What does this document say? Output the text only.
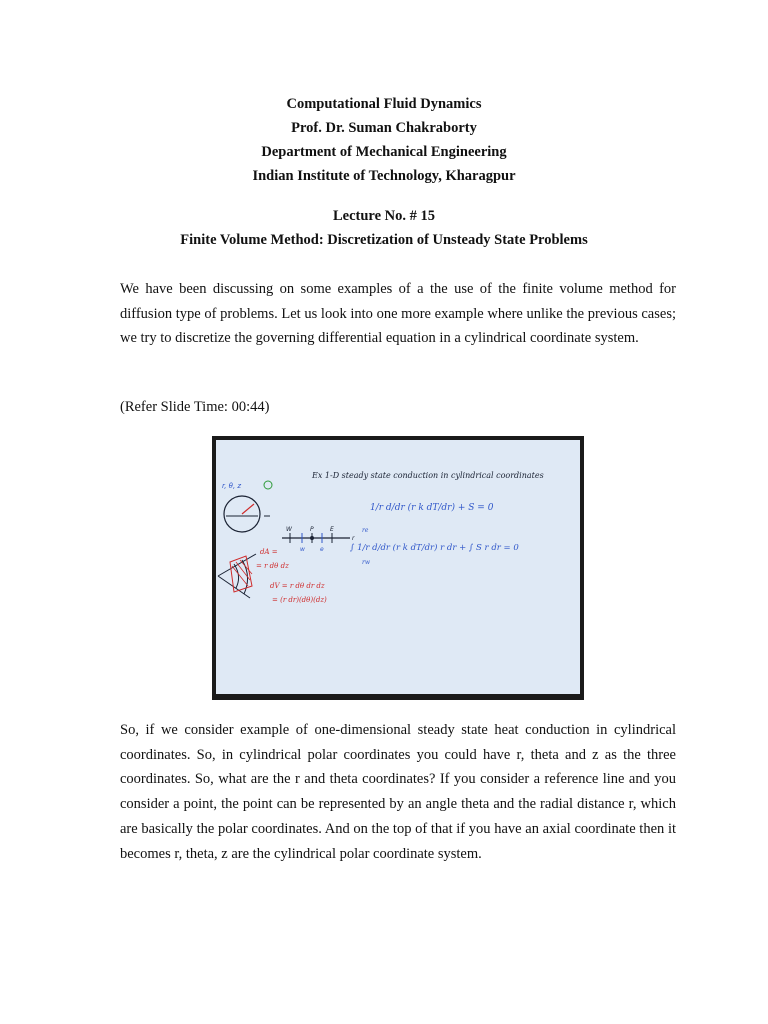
Computational Fluid Dynamics
Prof. Dr. Suman Chakraborty
Department of Mechanical Engineering
Indian Institute of Technology, Kharagpur
Lecture No. # 15
Finite Volume Method: Discretization of Unsteady State Problems

We have been discussing on some examples of a the use of the finite volume method for diffusion type of problems. Let us look into one more example where unlike the previous cases; we try to discretize the governing differential equation in a cylindrical coordinate system.

(Refer Slide Time: 00:44)
Ex 1-D steady state conduction in cylindrical coordinates
r, θ, z
1/r d/dr (r k dT/dr) + S = 0
∫ 1/r d/dr (r k dT/dr) r dr + ∫ S r dr = 0
re
rw
W
w
P
e
E
r
dA =
= r dθ dz
dV = r dθ dr dz
= (r dr)(dθ)(dz)

So, if we consider example of one-dimensional steady state heat conduction in cylindrical coordinates. So, in cylindrical polar coordinates you could have r, theta and z as the three coordinates. So, what are the r and theta coordinates? If you consider a reference line and you consider a point, the point can be represented by an angle theta and the radial distance r, which are basically the polar coordinates. And on the top of that if you have an axial coordinate then it becomes r, theta, z are the cylindrical polar coordinate system.
